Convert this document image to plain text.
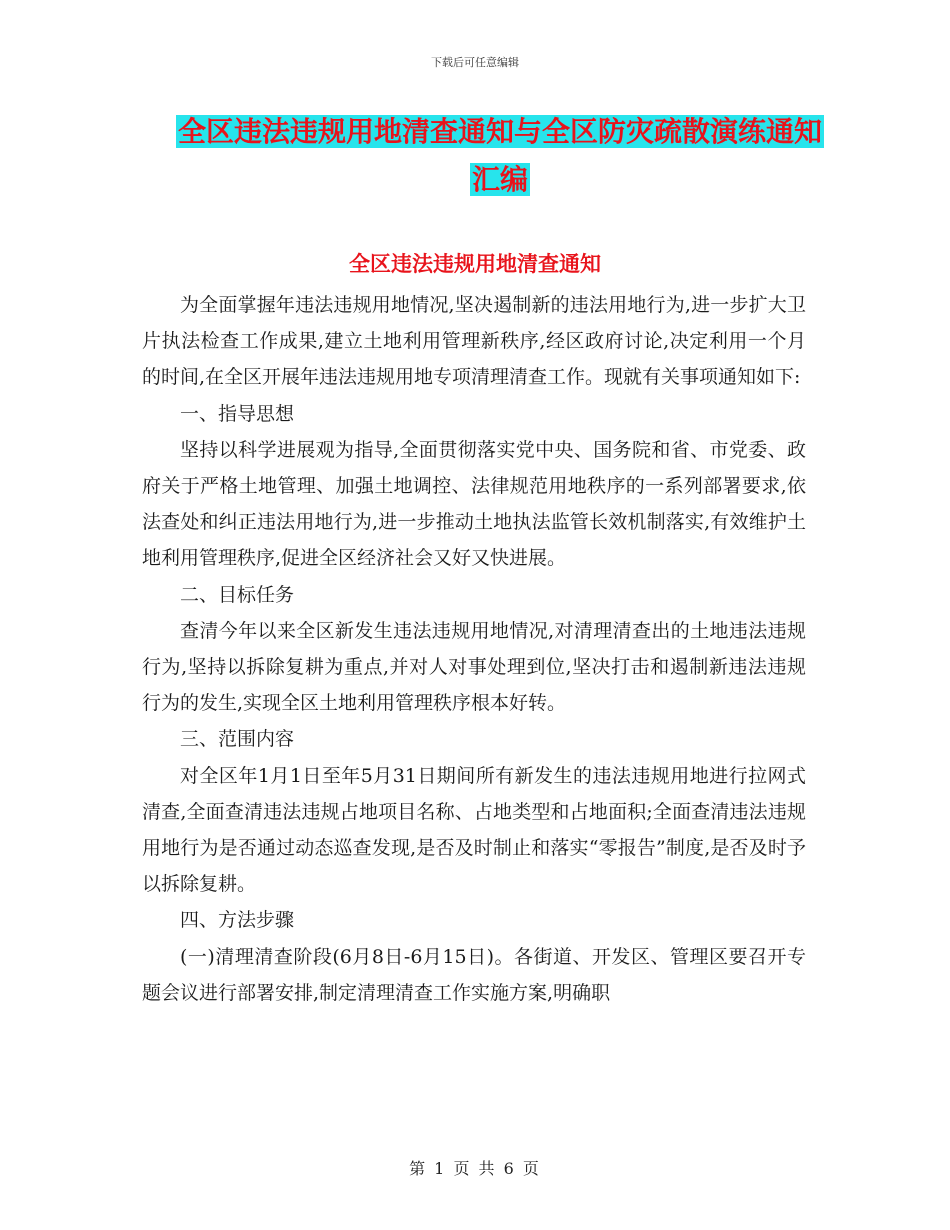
下载后可任意编辑
全区违法违规用地清查通知与全区防灾疏散演练通知
汇编
全区违法违规用地清查通知

为全面掌握年违法违规用地情况,坚决遏制新的违法用地行为,进一步扩大卫片执法检查工作成果,建立土地利用管理新秩序,经区政府讨论,决定利用一个月的时间,在全区开展年违法违规用地专项清理清查工作。现就有关事项通知如下:

一、指导思想

坚持以科学进展观为指导,全面贯彻落实党中央、国务院和省、市党委、政府关于严格土地管理、加强土地调控、法律规范用地秩序的一系列部署要求,依法查处和纠正违法用地行为,进一步推动土地执法监管长效机制落实,有效维护土地利用管理秩序,促进全区经济社会又好又快进展。

二、目标任务

查清今年以来全区新发生违法违规用地情况,对清理清查出的土地违法违规行为,坚持以拆除复耕为重点,并对人对事处理到位,坚决打击和遏制新违法违规行为的发生,实现全区土地利用管理秩序根本好转。

三、范围内容

对全区年1月1日至年5月31日期间所有新发生的违法违规用地进行拉网式清查,全面查清违法违规占地项目名称、占地类型和占地面积;全面查清违法违规用地行为是否通过动态巡查发现,是否及时制止和落实“零报告”制度,是否及时予以拆除复耕。

四、方法步骤

(一)清理清查阶段(6月8日-6月15日)。各街道、开发区、管理区要召开专题会议进行部署安排,制定清理清查工作实施方案,明确职

第 1 页 共 6 页
